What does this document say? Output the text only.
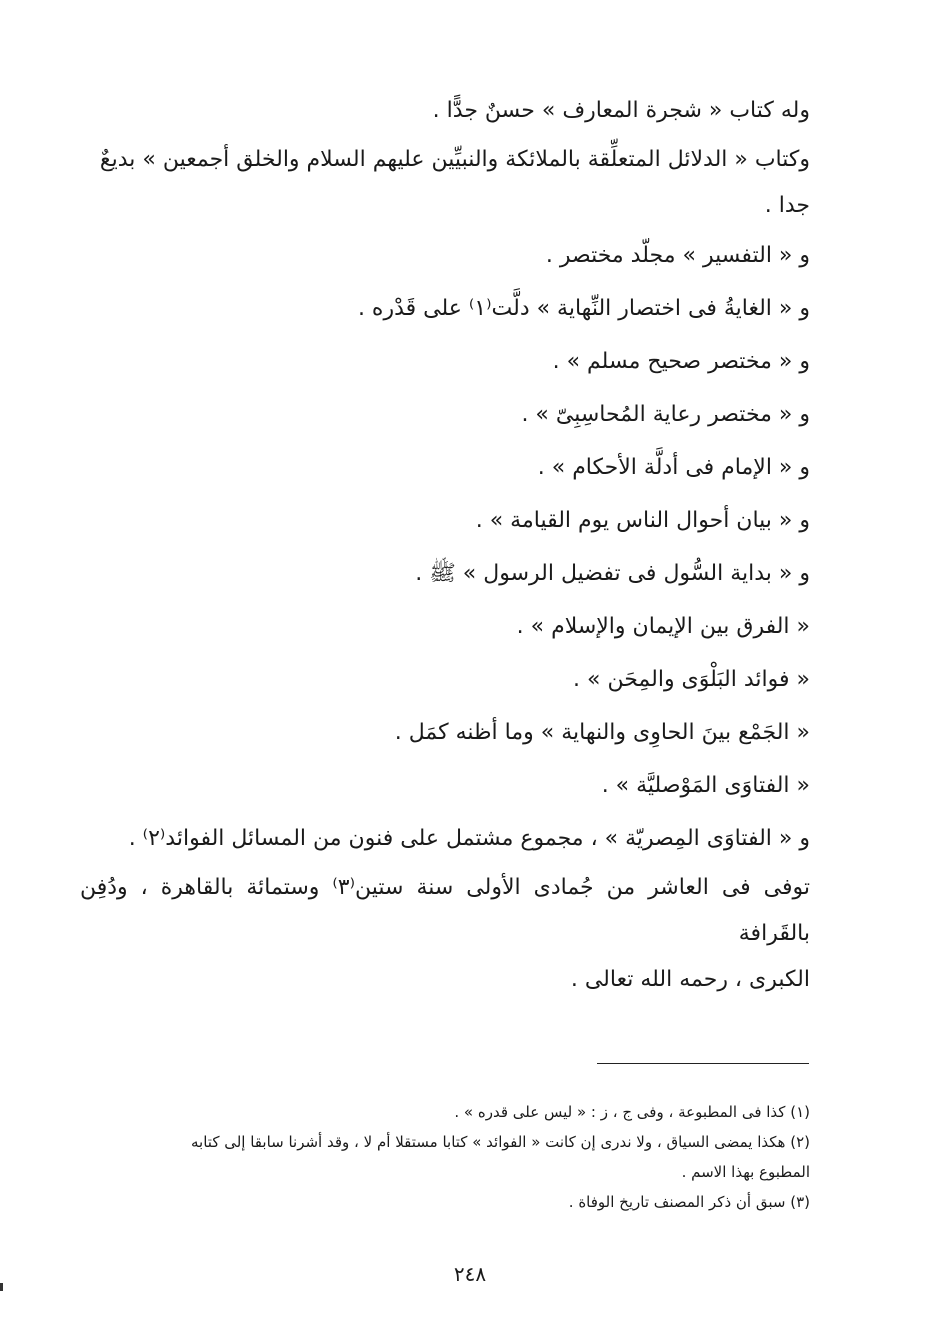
وله كتاب « شجرة المعارف » حسنٌ جدًّا .

وكتاب « الدلائل المتعلِّقة بالملائكة والنبيِّين عليهم السلام والخلق أجمعين » بديعٌ

جدا .

و « التفسير » مجلّد مختصر .

و « الغايةُ فى اختصار النِّهاية » دلَّت⁽١⁾ على قَدْره .

و « مختصر صحيح مسلم » .

و « مختصر رعاية المُحاسِبِىّ » .

و « الإمام فى أدلَّة الأحكام » .

و « بيان أحوال الناس يوم القيامة » .

و « بداية السُّول فى تفضيل الرسول » ﷺ .

« الفرق بين الإيمان والإسلام » .

« فوائد البَلْوَى والمِحَن » .

« الجَمْع بينَ الحاوِى والنهاية » وما أظنه كمَل .

« الفتاوَى المَوْصليَّة » .

و « الفتاوَى المِصريّة » ، مجموع مشتمل على فنون من المسائل الفوائد⁽٢⁾ .

توفى فى العاشر من جُمادى الأولى سنة ستين⁽٣⁾ وستمائة بالقاهرة ، ودُفِن بالقَرافة

الكبرى ، رحمه الله تعالى .

(١) كذا فى المطبوعة ، وفى ج ، ز : « ليس على قدره » .

(٢) هكذا يمضى السياق ، ولا ندرى إن كانت « الفوائد » كتابا مستقلا أم لا ، وقد أشرنا سابقا إلى كتابه

المطبوع بهذا الاسم .

(٣) سبق أن ذكر المصنف تاريخ الوفاة .

٢٤٨
